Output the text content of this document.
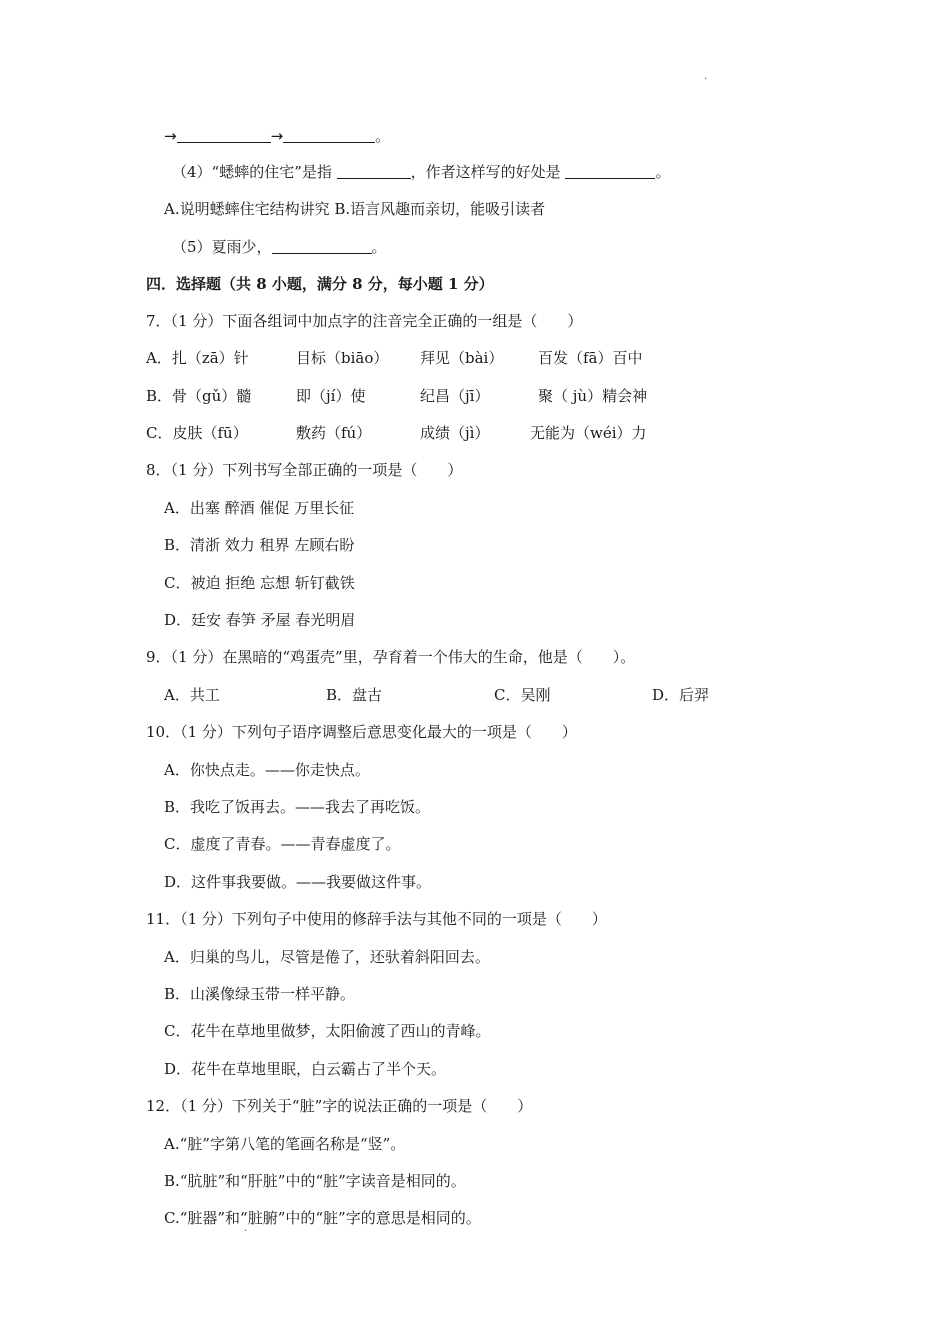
→	→	。
（4）“蟋蟀的住宅”是指	，作者这样写的好处是	。
A.说明蟋蟀住宅结构讲究 B.语言风趣而亲切，能吸引读者
（5）夏雨少，	。
四．选择题（共 8 小题，满分 8 分，每小题 1 分）
7．（1 分）下面各组词中加点字的注音完全正确的一组是（　　）
A．扎（zā）针	目标（biāo） 拜见（bài） 百发（fā）百中
B．骨（gǔ）髓	即（jí）使	纪昌（jī）	聚（ jù）精会神
C．皮肤（fū）	敷药（fú）	成绩（jì）	无能为（wéi）力
8．（1 分）下列书写全部正确的一项是（　　）
A．出塞 醉酒 催促 万里长征
B．清浙 效力 租界 左顾右盼
C．被迫 拒绝 忘想 斩钉截铁
D．廷安 春笋 矛屋 春光明眉
9．（1 分）在黑暗的“鸡蛋壳”里，孕育着一个伟大的生命，他是（　　）。
A．共工	B．盘古	C．吴刚	D．后羿
10．（1 分）下列句子语序调整后意思变化最大的一项是（　　）
A．你快点走。——你走快点。
B．我吃了饭再去。——我去了再吃饭。
C．虚度了青春。——青春虚度了。
D．这件事我要做。——我要做这件事。
11．（1 分）下列句子中使用的修辞手法与其他不同的一项是（　　）
A．归巢的鸟儿，尽管是倦了，还驮着斜阳回去。
B．山溪像绿玉带一样平静。
C．花牛在草地里做梦，太阳偷渡了西山的青峰。
D．花牛在草地里眠，白云霸占了半个天。
12．（1 分）下列关于“脏”字的说法正确的一项是（　　）
A.“脏”字第八笔的笔画名称是“竖”。
B.“肮脏”和“肝脏”中的“脏”字读音是相同的。
C.“脏器”和“脏腑”中的“脏”字的意思是相同的。
·
·
